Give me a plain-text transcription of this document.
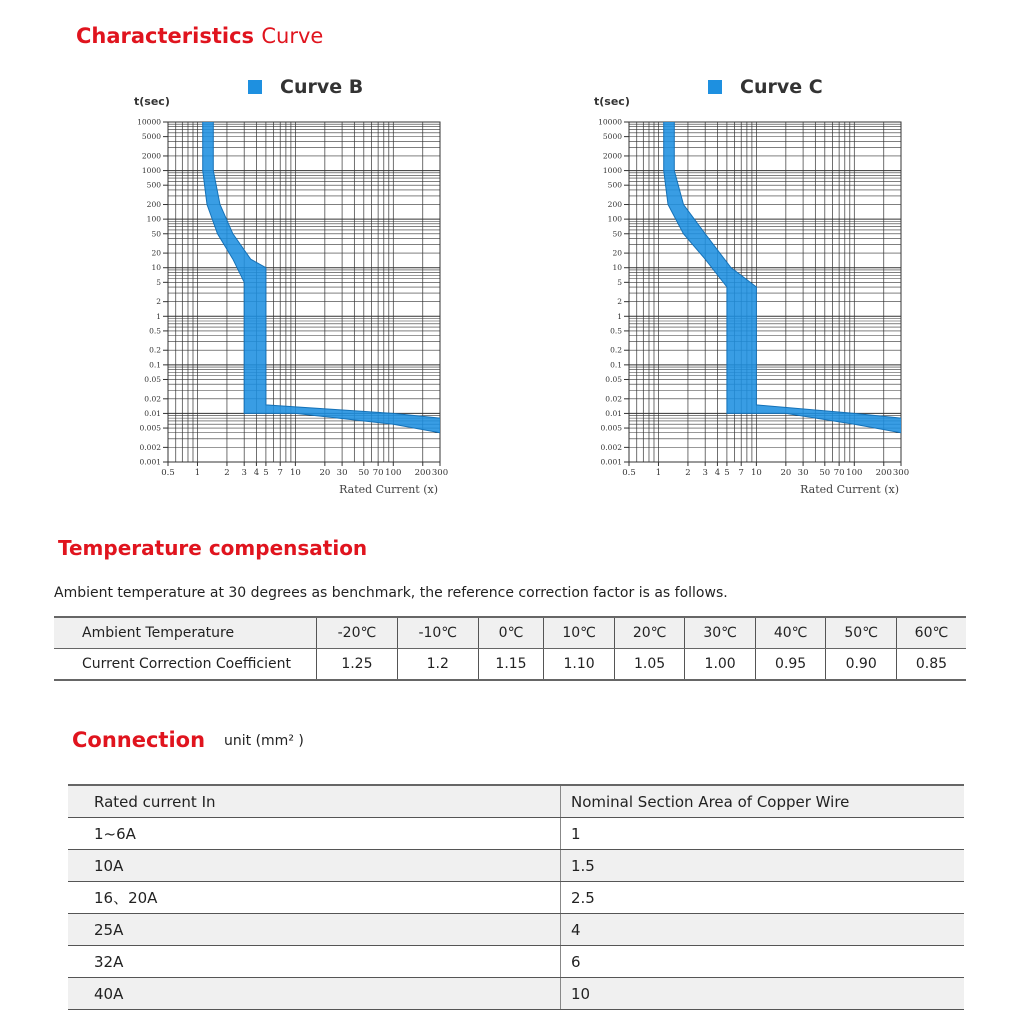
Characteristics Curve
Curve B
t(sec)
10000
5000
2000
1000
500
200
100
50
20
10
5
2
1
0.5
0.2
0.1
0.05
0.02
0.01
0.005
0.002
0.001
0.5 1	2 3 4 5 7 10 20 30 50 70 100 200 300
Rated Current (x)
Curve C
t(sec)
10000
5000
2000
1000
500
200
100
50
20
10
5
2
1
0.5
0.2
0.1
0.05
0.02
0.01
0.005
0.002
0.001
0.5 1	2 3 4 5 7 10 20 30 50 70 100 200 300
Rated Current (x)
Temperature compensation
Ambient temperature at 30 degrees as benchmark, the reference correction factor is as follows.
Ambient Temperature	-20℃	-10℃	0℃	10℃	20℃	30℃	40℃	50℃	60℃
Current Correction Coefficient	1.25	1.2	1.15	1.10	1.05	1.00	0.95	0.90	0.85
Connection unit (mm² )
Rated current In	Nominal Section Area of Copper Wire
1~6A	1
10A	1.5
16、20A	2.5
25A	4
32A	6
40A	10
